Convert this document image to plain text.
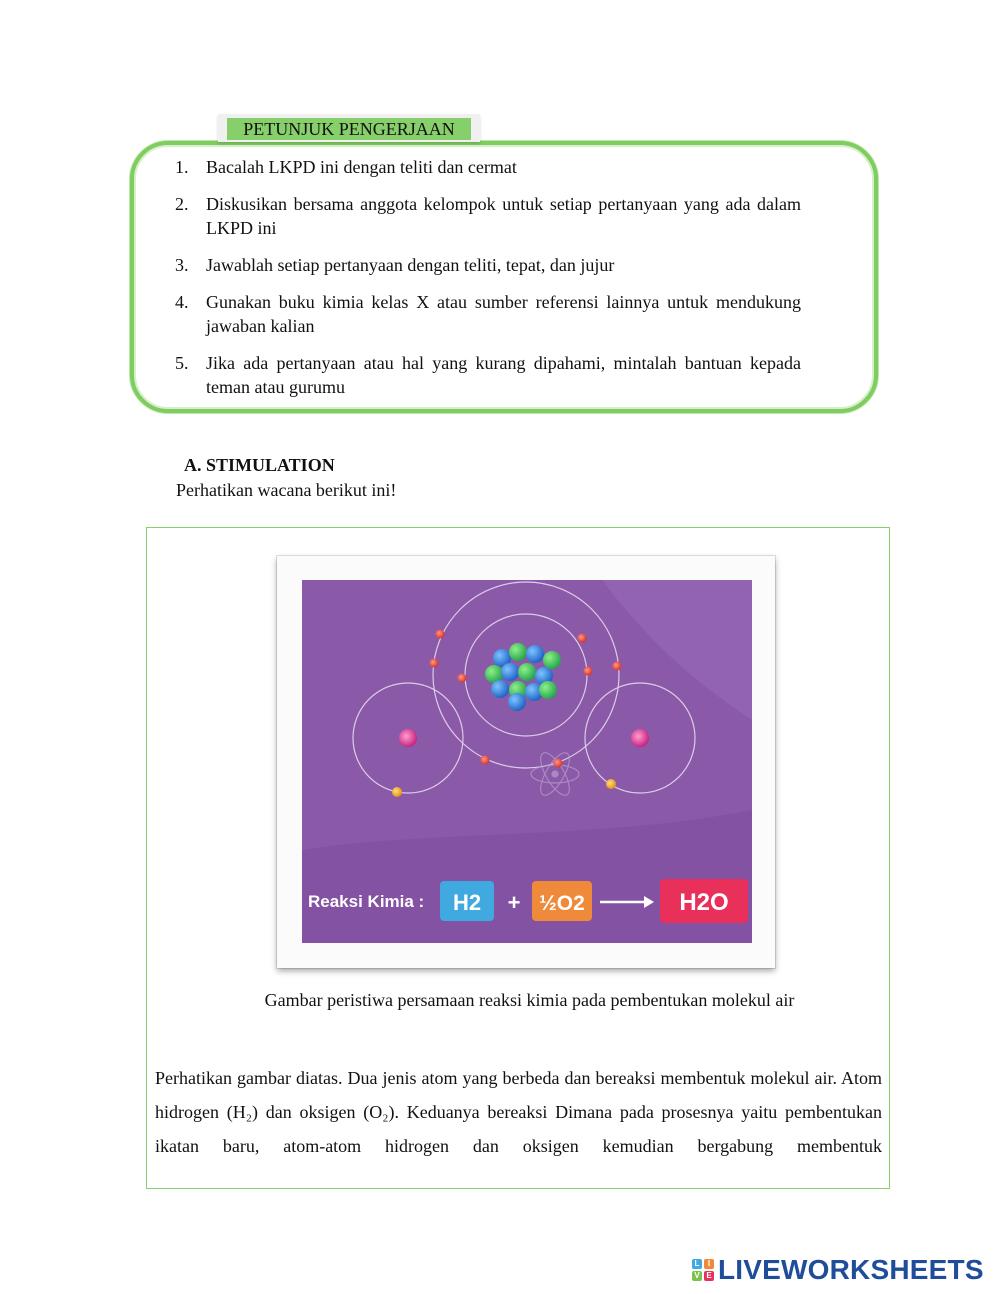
PETUNJUK PENGERJAAN
1. Bacalah LKPD ini dengan teliti dan cermat
2. Diskusikan bersama anggota kelompok untuk setiap pertanyaan yang ada dalam LKPD ini
3. Jawablah setiap pertanyaan dengan teliti, tepat, dan jujur
4. Gunakan buku kimia kelas X atau sumber referensi lainnya untuk mendukung jawaban kalian
5. Jika ada pertanyaan atau hal yang kurang dipahami, mintalah bantuan kepada teman atau gurumu
A. STIMULATION
Perhatikan wacana berikut ini!
Reaksi Kimia : H2 + ½O2	H2O
Gambar peristiwa persamaan reaksi kimia pada pembentukan molekul air
Perhatikan gambar diatas. Dua jenis atom yang berbeda dan bereaksi membentuk molekul air. Atom hidrogen (H₂) dan oksigen (O₂). Keduanya bereaksi Dimana pada prosesnya yaitu pembentukan ikatan baru, atom-atom hidrogen dan oksigen kemudian bergabung membentuk
L	I
V E LIVEWORKSHEETS
